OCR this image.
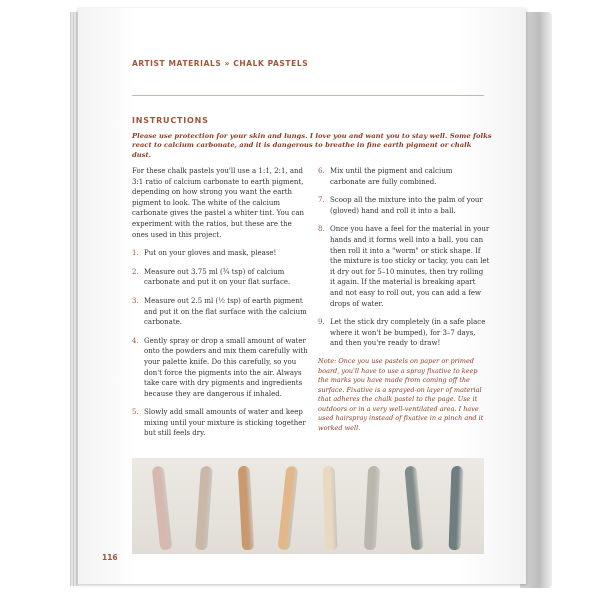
ARTIST MATERIALS » CHALK PASTELS
INSTRUCTIONS
Please use protection for your skin and lungs. I love you and want you to stay well. Some folks react to calcium carbonate, and it is dangerous to breathe in fine earth pigment or chalk dust.

For these chalk pastels you'll use a 1:1, 2:1, and 3:1 ratio of calcium carbonate to earth pigment, depending on how strong you want the earth pigment to look. The white of the calcium carbonate gives the pastel a whiter tint. You can experiment with the ratios, but these are the ones used in this project.

1. Put on your gloves and mask, please!
2. Measure out 3.75 ml (¾ tsp) of calcium carbonate and put it on your flat surface.
3. Measure out 2.5 ml (½ tsp) of earth pigment and put it on the flat surface with the calcium carbonate.
4. Gently spray or drop a small amount of water onto the powders and mix them carefully with your palette knife. Do this carefully, so you don't force the pigments into the air. Always take care with dry pigments and ingredients because they are dangerous if inhaled.
5. Slowly add small amounts of water and keep mixing until your mixture is sticking together but still feels dry.
6. Mix until the pigment and calcium carbonate are fully combined.
7. Scoop all the mixture into the palm of your (gloved) hand and roll it into a ball.
8. Once you have a feel for the material in your hands and it forms well into a ball, you can then roll it into a "worm" or stick shape. If the mixture is too sticky or tacky, you can let it dry out for 5–10 minutes, then try rolling it again. If the material is breaking apart and not easy to roll out, you can add a few drops of water.
9. Let the stick dry completely (in a safe place where it won't be bumped), for 3–7 days, and then you're ready to draw!

Note: Once you use pastels on paper or primed board, you'll have to use a spray fixative to keep the marks you have made from coming off the surface. Fixative is a sprayed-on layer of material that adheres the chalk pastel to the page. Use it outdoors or in a very well-ventilated area. I have used hairspray instead of fixative in a pinch and it worked well.

116
